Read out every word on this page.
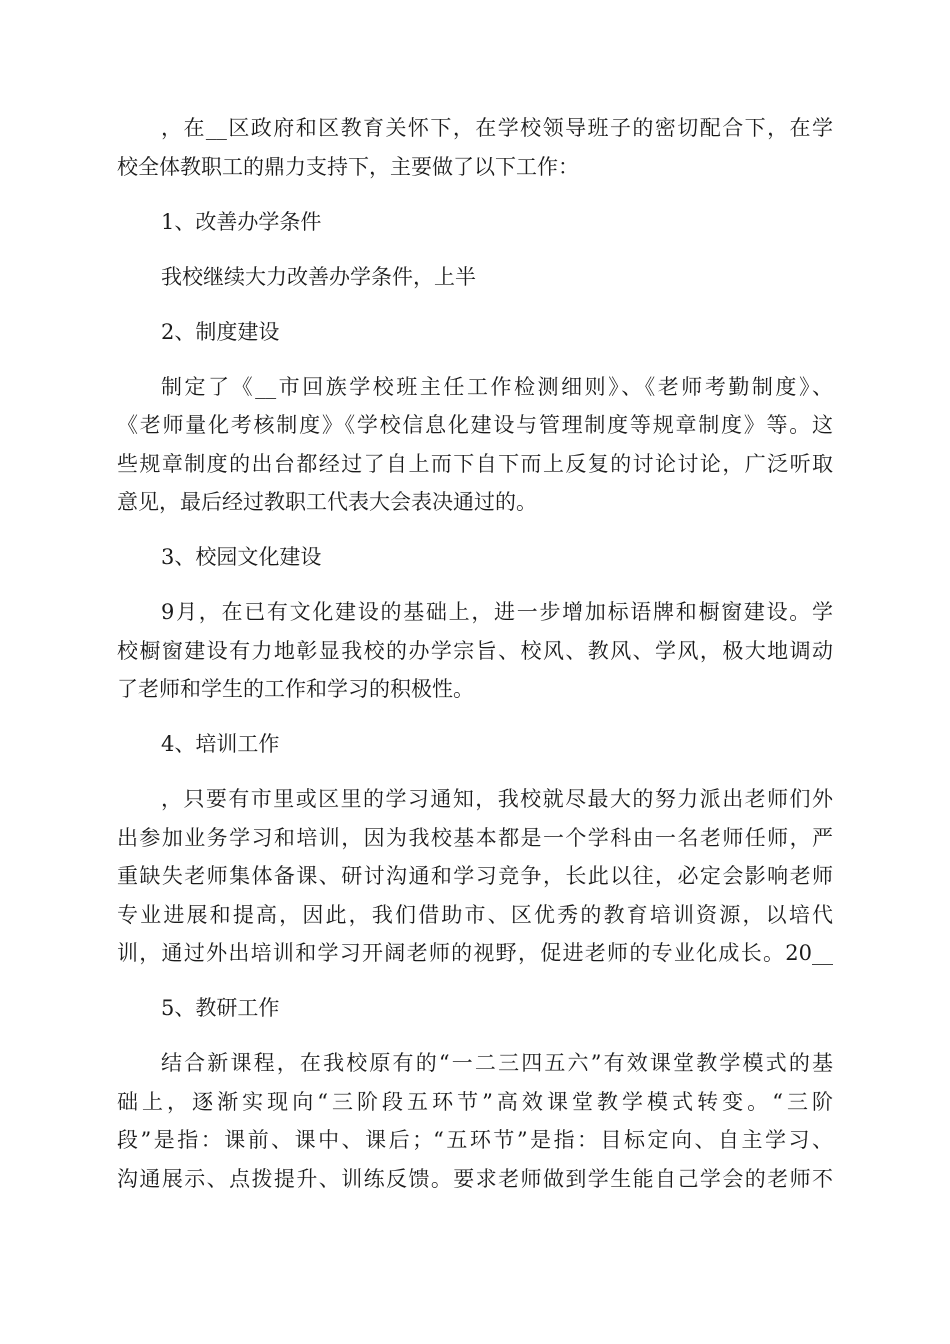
，在__区政府和区教育关怀下，在学校领导班子的密切配合下，在学
校全体教职工的鼎力支持下，主要做了以下工作：
1、改善办学条件
我校继续大力改善办学条件，上半
2、制度建设
制定了《__市回族学校班主任工作检测细则》、《老师考勤制度》、
《老师量化考核制度》《学校信息化建设与管理制度等规章制度》等。这
些规章制度的出台都经过了自上而下自下而上反复的讨论讨论，广泛听取
意见，最后经过教职工代表大会表决通过的。
3、校园文化建设
9月，在已有文化建设的基础上，进一步增加标语牌和橱窗建设。学
校橱窗建设有力地彰显我校的办学宗旨、校风、教风、学风，极大地调动
了老师和学生的工作和学习的积极性。
4、培训工作
，只要有市里或区里的学习通知，我校就尽最大的努力派出老师们外
出参加业务学习和培训，因为我校基本都是一个学科由一名老师任师，严
重缺失老师集体备课、研讨沟通和学习竞争，长此以往，必定会影响老师
专业进展和提高，因此，我们借助市、区优秀的教育培训资源，以培代
训，通过外出培训和学习开阔老师的视野，促进老师的专业化成长。20__
5、教研工作
结合新课程，在我校原有的“一二三四五六”有效课堂教学模式的基
础上，逐渐实现向“三阶段五环节”高效课堂教学模式转变。“三阶
段”是指：课前、课中、课后；“五环节”是指：目标定向、自主学习、
沟通展示、点拨提升、训练反馈。要求老师做到学生能自己学会的老师不
